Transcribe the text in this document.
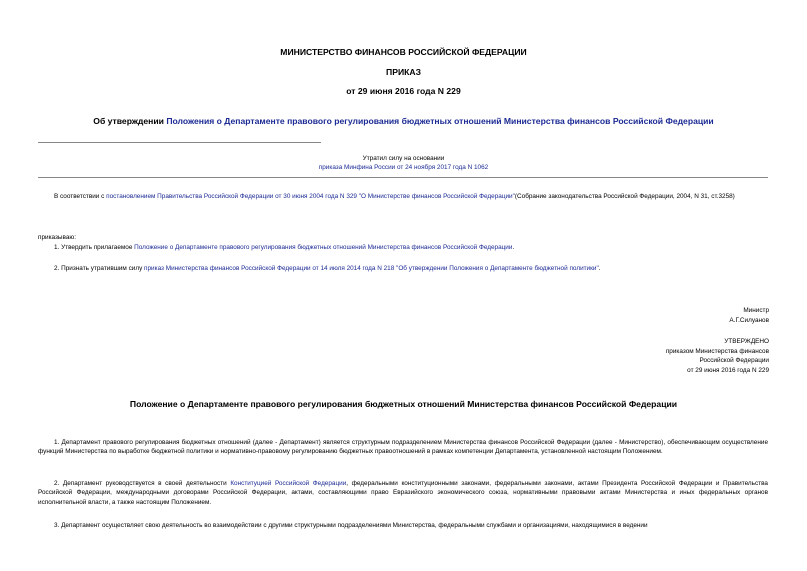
МИНИСТЕРСТВО ФИНАНСОВ РОССИЙСКОЙ ФЕДЕРАЦИИ
ПРИКАЗ
от 29 июня 2016 года N 229
Об утверждении Положения о Департаменте правового регулирования бюджетных отношений Министерства финансов Российской Федерации
Утратил силу на основании
приказа Минфина России от 24 ноября 2017 года N 1062
В соответствии с постановлением Правительства Российской Федерации от 30 июня 2004 года N 329 "О Министерстве финансов Российской Федерации"(Собрание законодательства Российской Федерации, 2004, N 31, ст.3258)
приказываю:
1. Утвердить прилагаемое Положение о Департаменте правового регулирования бюджетных отношений Министерства финансов Российской Федерации.
2. Признать утратившим силу приказ Министерства финансов Российской Федерации от 14 июля 2014 года N 218 "Об утверждении Положения о Департаменте бюджетной политики".
Министр
А.Г.Силуанов
УТВЕРЖДЕНО
приказом Министерства финансов
Российской Федерации
от 29 июня 2016 года N 229
Положение о Департаменте правового регулирования бюджетных отношений Министерства финансов Российской Федерации
1. Департамент правового регулирования бюджетных отношений (далее - Департамент) является структурным подразделением Министерства финансов Российской Федерации (далее - Министерство), обеспечивающим осуществление функций Министерства по выработке бюджетной политики и нормативно-правовому регулированию бюджетных правоотношений в рамках компетенции Департамента, установленной настоящим Положением.
2. Департамент руководствуется в своей деятельности Конституцией Российской Федерации, федеральными конституционными законами, федеральными законами, актами Президента Российской Федерации и Правительства Российской Федерации, международными договорами Российской Федерации, актами, составляющими право Евразийского экономического союза, нормативными правовыми актами Министерства и иных федеральных органов исполнительной власти, а также настоящим Положением.
3. Департамент осуществляет свою деятельность во взаимодействии с другими структурными подразделениями Министерства, федеральными службами и организациями, находящимися в ведении
